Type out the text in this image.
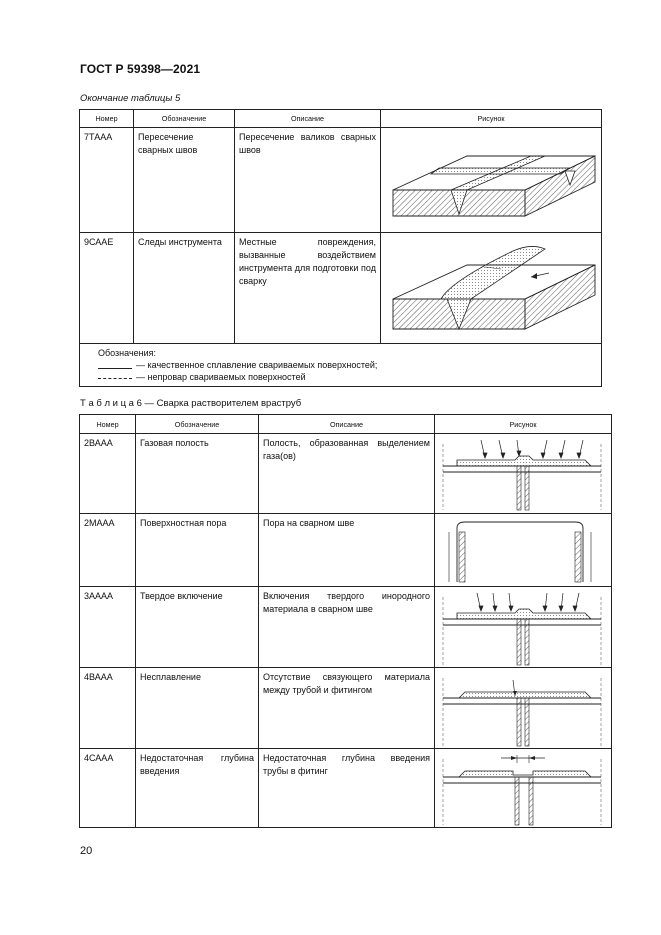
ГОСТ Р 59398—2021
Окончание таблицы 5
Номер	Обозначение	Описание	Рисунок
7ТААА	Пересечение сварных швов	Пересечение валиков сварных швов	

9САAE	Следы инструмента	Местные повреждения, вызванные воздействием инструмента для подготовки под сварку	

Обозначения:
— качественное сплавление свариваемых поверхностей;
— непровар свариваемых поверхностей			
Т а б л и ц а 6 — Сварка растворителем враструб
Номер	Обозначение	Описание	Рисунок
2ВААА	Газовая полость	Полость, образованная выделением газа(ов)	

2МААА	Поверхностная пора	Пора на сварном шве	

3АААА	Твердое включение	Включения твердого инородного материала в сварном шве	

4ВААА	Несплавление	Отсутствие связующего материала между трубой и фитингом	

4САAA	Недостаточная глубина введения	Недостаточная глубина введения трубы в фитинг	
20
